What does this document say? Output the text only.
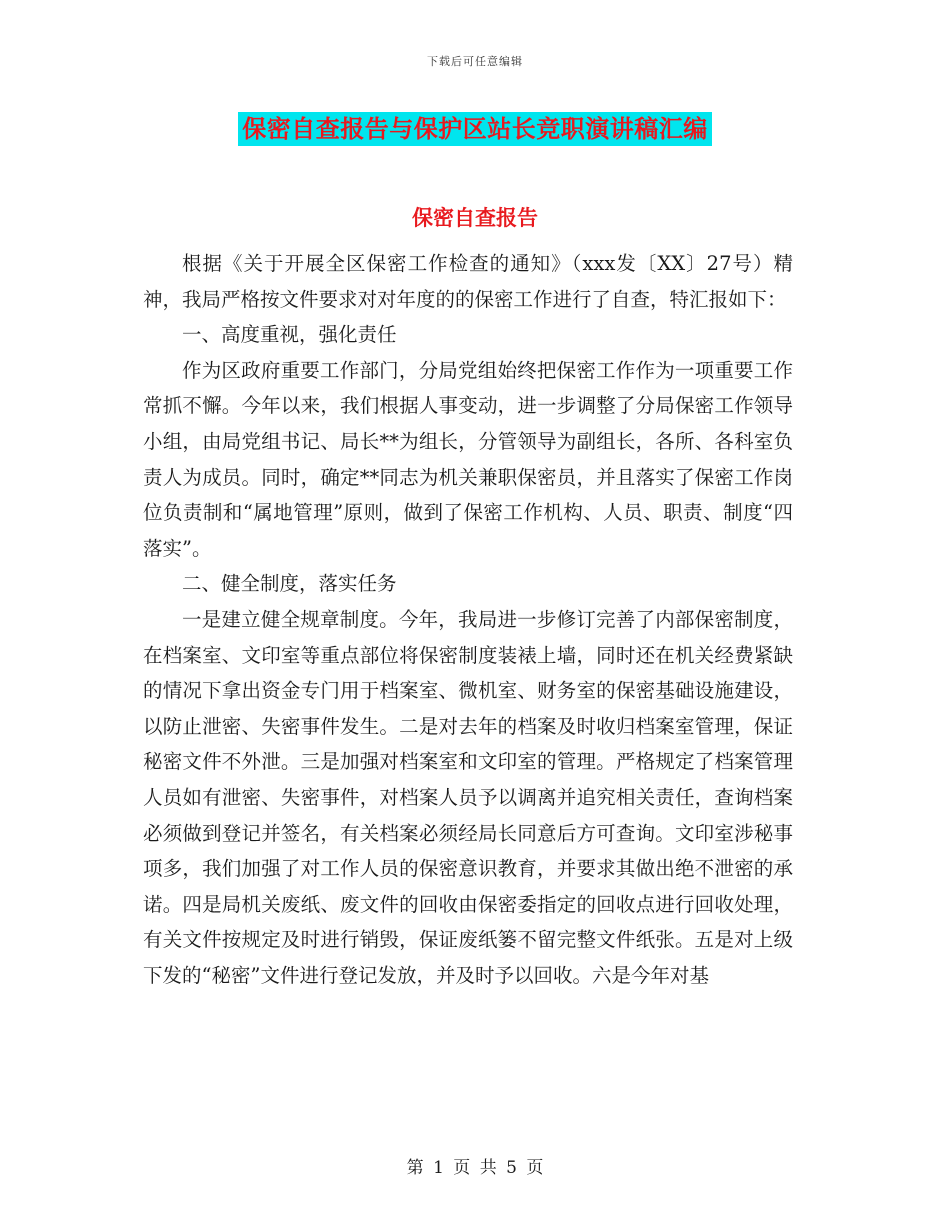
下载后可任意编辑
保密自查报告与保护区站长竞职演讲稿汇编
保密自查报告

根据《关于开展全区保密工作检查的通知》（xxx发〔XX〕27号）精神，我局严格按文件要求对对年度的的保密工作进行了自查，特汇报如下：

一、高度重视，强化责任

作为区政府重要工作部门，分局党组始终把保密工作作为一项重要工作常抓不懈。今年以来，我们根据人事变动，进一步调整了分局保密工作领导小组，由局党组书记、局长**为组长，分管领导为副组长，各所、各科室负责人为成员。同时，确定**同志为机关兼职保密员，并且落实了保密工作岗位负责制和“属地管理”原则，做到了保密工作机构、人员、职责、制度“四落实”。

二、健全制度，落实任务

一是建立健全规章制度。今年，我局进一步修订完善了内部保密制度，在档案室、文印室等重点部位将保密制度装裱上墙，同时还在机关经费紧缺的情况下拿出资金专门用于档案室、微机室、财务室的保密基础设施建设，以防止泄密、失密事件发生。二是对去年的档案及时收归档案室管理，保证秘密文件不外泄。三是加强对档案室和文印室的管理。严格规定了档案管理人员如有泄密、失密事件，对档案人员予以调离并追究相关责任，查询档案必须做到登记并签名，有关档案必须经局长同意后方可查询。文印室涉秘事项多，我们加强了对工作人员的保密意识教育，并要求其做出绝不泄密的承诺。四是局机关废纸、废文件的回收由保密委指定的回收点进行回收处理，有关文件按规定及时进行销毁，保证废纸篓不留完整文件纸张。五是对上级下发的“秘密”文件进行登记发放，并及时予以回收。六是今年对基

第 1 页 共 5 页
